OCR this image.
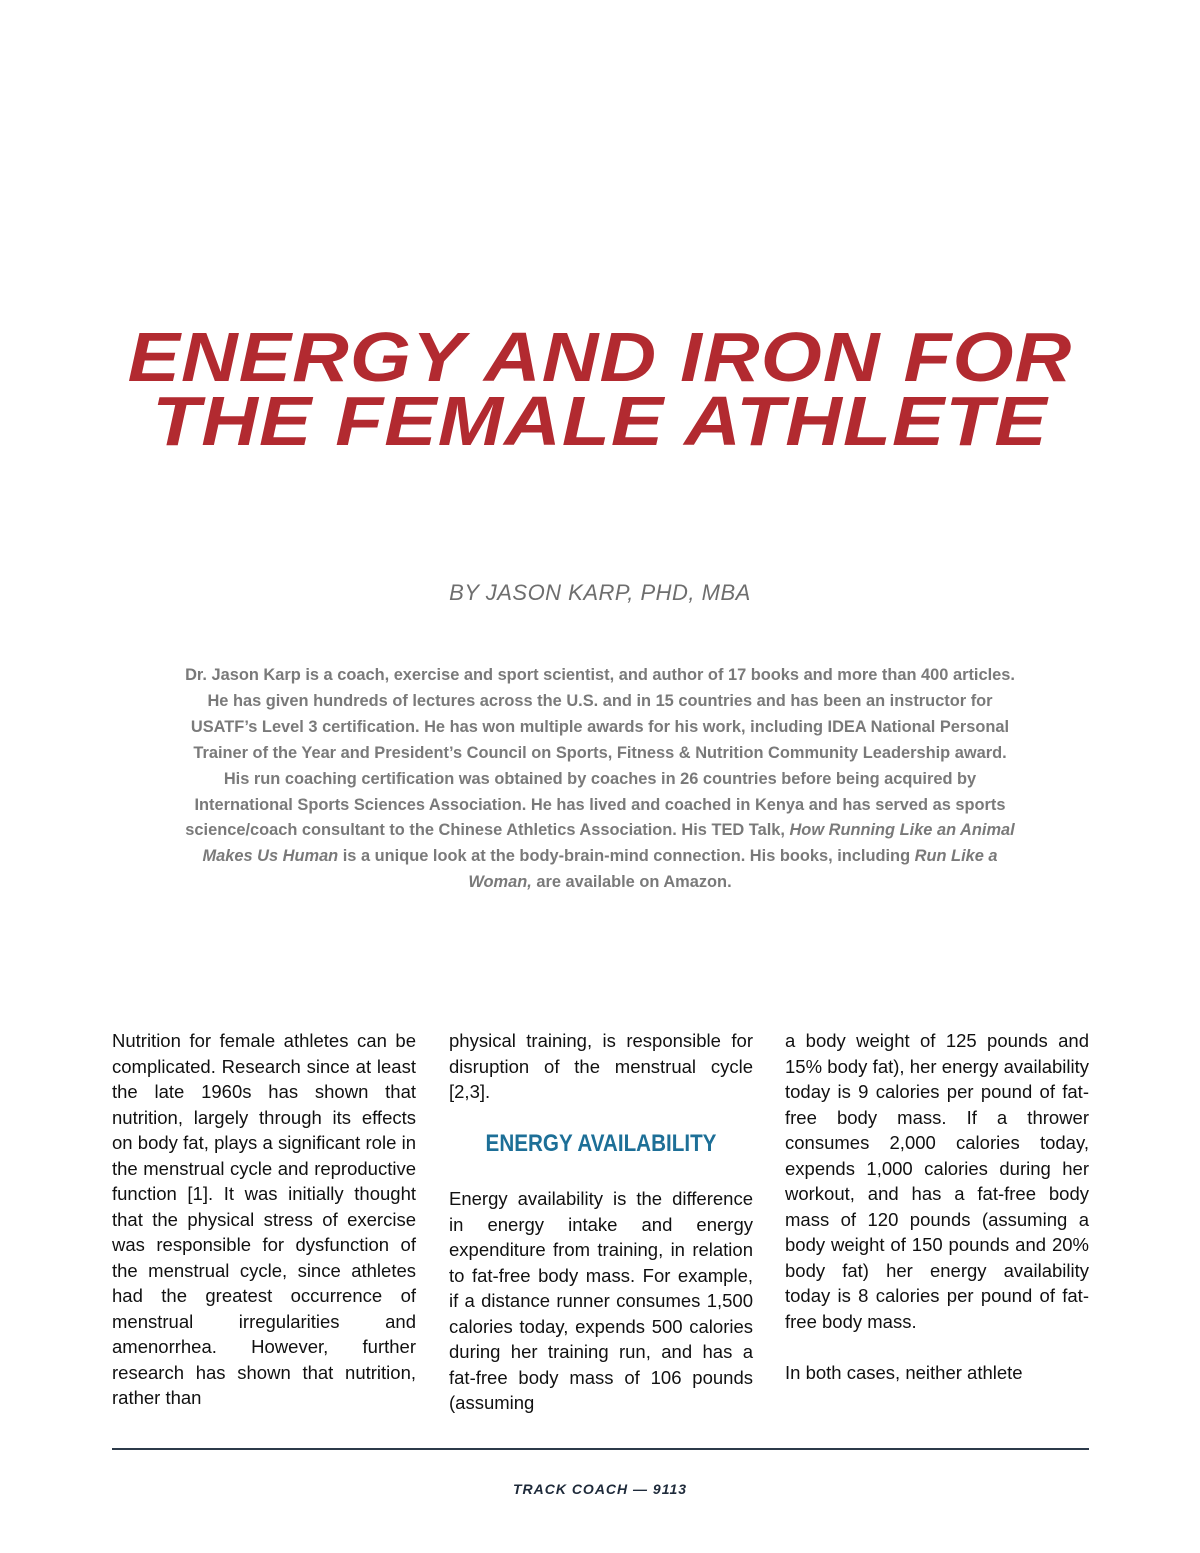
ENERGY AND IRON FOR
THE FEMALE ATHLETE

BY JASON KARP, PHD, MBA

Dr. Jason Karp is a coach, exercise and sport scientist, and author of 17 books and more than 400 articles. He has given hundreds of lectures across the U.S. and in 15 countries and has been an instructor for USATF’s Level 3 certification. He has won multiple awards for his work, including IDEA National Personal Trainer of the Year and President’s Council on Sports, Fitness & Nutrition Community Leadership award. His run coaching certification was obtained by coaches in 26 countries before being acquired by International Sports Sciences Association. He has lived and coached in Kenya and has served as sports science/coach consultant to the Chinese Athletics Association. His TED Talk, How Running Like an Animal Makes Us Human is a unique look at the body-brain-mind connection. His books, including Run Like a Woman, are available on Amazon.

Nutrition for female athletes can be complicated. Research since at least the late 1960s has shown that nutrition, largely through its effects on body fat, plays a significant role in the menstrual cycle and reproductive function [1]. It was initially thought that the physical stress of exercise was responsible for dysfunction of the menstrual cycle, since athletes had the greatest occurrence of menstrual irregularities and amenorrhea. However, further research has shown that nutrition, rather than

physical training, is responsible for disruption of the menstrual cycle [2,3].

ENERGY AVAILABILITY

Energy availability is the difference in energy intake and energy expenditure from training, in relation to fat-free body mass. For example, if a distance runner consumes 1,500 calories today, expends 500 calories during her training run, and has a fat-free body mass of 106 pounds (assuming

a body weight of 125 pounds and 15% body fat), her energy availability today is 9 calories per pound of fat-free body mass. If a thrower consumes 2,000 calories today, expends 1,000 calories during her workout, and has a fat-free body mass of 120 pounds (assuming a body weight of 150 pounds and 20% body fat) her energy availability today is 8 calories per pound of fat-free body mass.

In both cases, neither athlete

TRACK COACH — 9113
